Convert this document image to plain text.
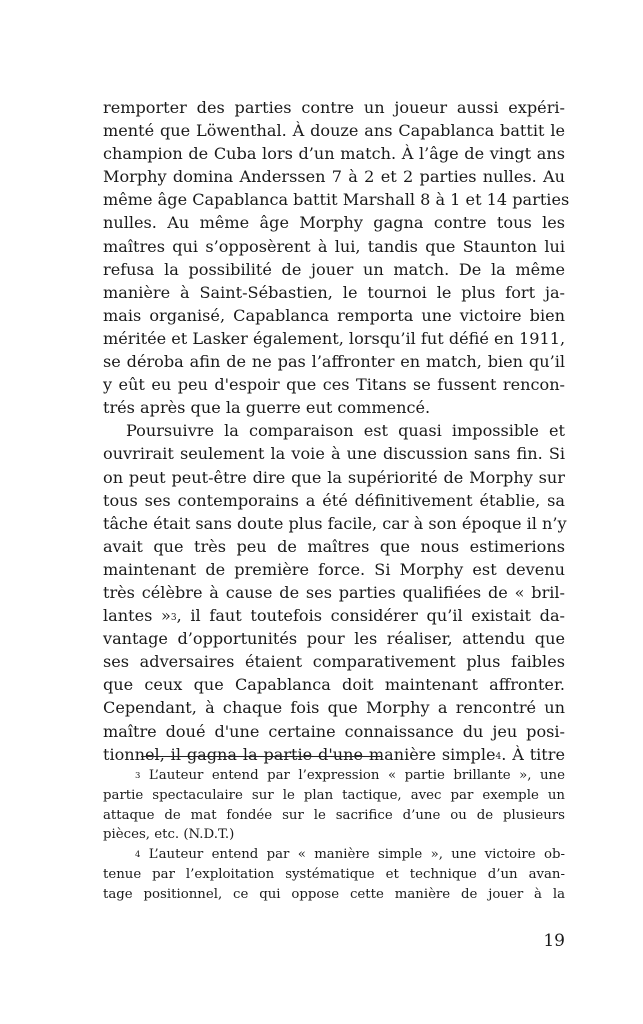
remporter des parties contre un joueur aussi expéri-
menté que Löwenthal. À douze ans Capablanca battit le
champion de Cuba lors d’un match. À l’âge de vingt ans
Morphy domina Anderssen 7 à 2 et 2 parties nulles. Au
même âge Capablanca battit Marshall 8 à 1 et 14 parties
nulles. Au même âge Morphy gagna contre tous les
maîtres qui s’opposèrent à lui, tandis que Staunton lui
refusa la possibilité de jouer un match. De la même
manière à Saint-Sébastien, le tournoi le plus fort ja-
mais organisé, Capablanca remporta une victoire bien
méritée et Lasker également, lorsqu’il fut défié en 1911,
se déroba afin de ne pas l’affronter en match, bien qu’il
y eût eu peu d'espoir que ces Titans se fussent rencon-
trés après que la guerre eut commencé.
Poursuivre la comparaison est quasi impossible et
ouvrirait seulement la voie à une discussion sans fin. Si
on peut peut-être dire que la supériorité de Morphy sur
tous ses contemporains a été définitivement établie, sa
tâche était sans doute plus facile, car à son époque il n’y
avait que très peu de maîtres que nous estimerions
maintenant de première force. Si Morphy est devenu
très célèbre à cause de ses parties qualifiées de « bril-
lantes »$^3$, il faut toutefois considérer qu’il existait da-
vantage d’opportunités pour les réaliser, attendu que
ses adversaires étaient comparativement plus faibles
que ceux que Capablanca doit maintenant affronter.
Cependant, à chaque fois que Morphy a rencontré un
maître doué d'une certaine connaissance du jeu posi-
tionnel, il gagna la partie d'une manière simple$^4$. À titre
$^3$ L’auteur entend par l’expression « partie brillante », une
partie spectaculaire sur le plan tactique, avec par exemple un
attaque de mat fondée sur le sacrifice d’une ou de plusieurs
pièces, etc. (N.D.T.)
$^4$ L’auteur entend par « manière simple », une victoire ob-
tenue par l’exploitation systématique et technique d’un avan-
tage positionnel, ce qui oppose cette manière de jouer à la
19
